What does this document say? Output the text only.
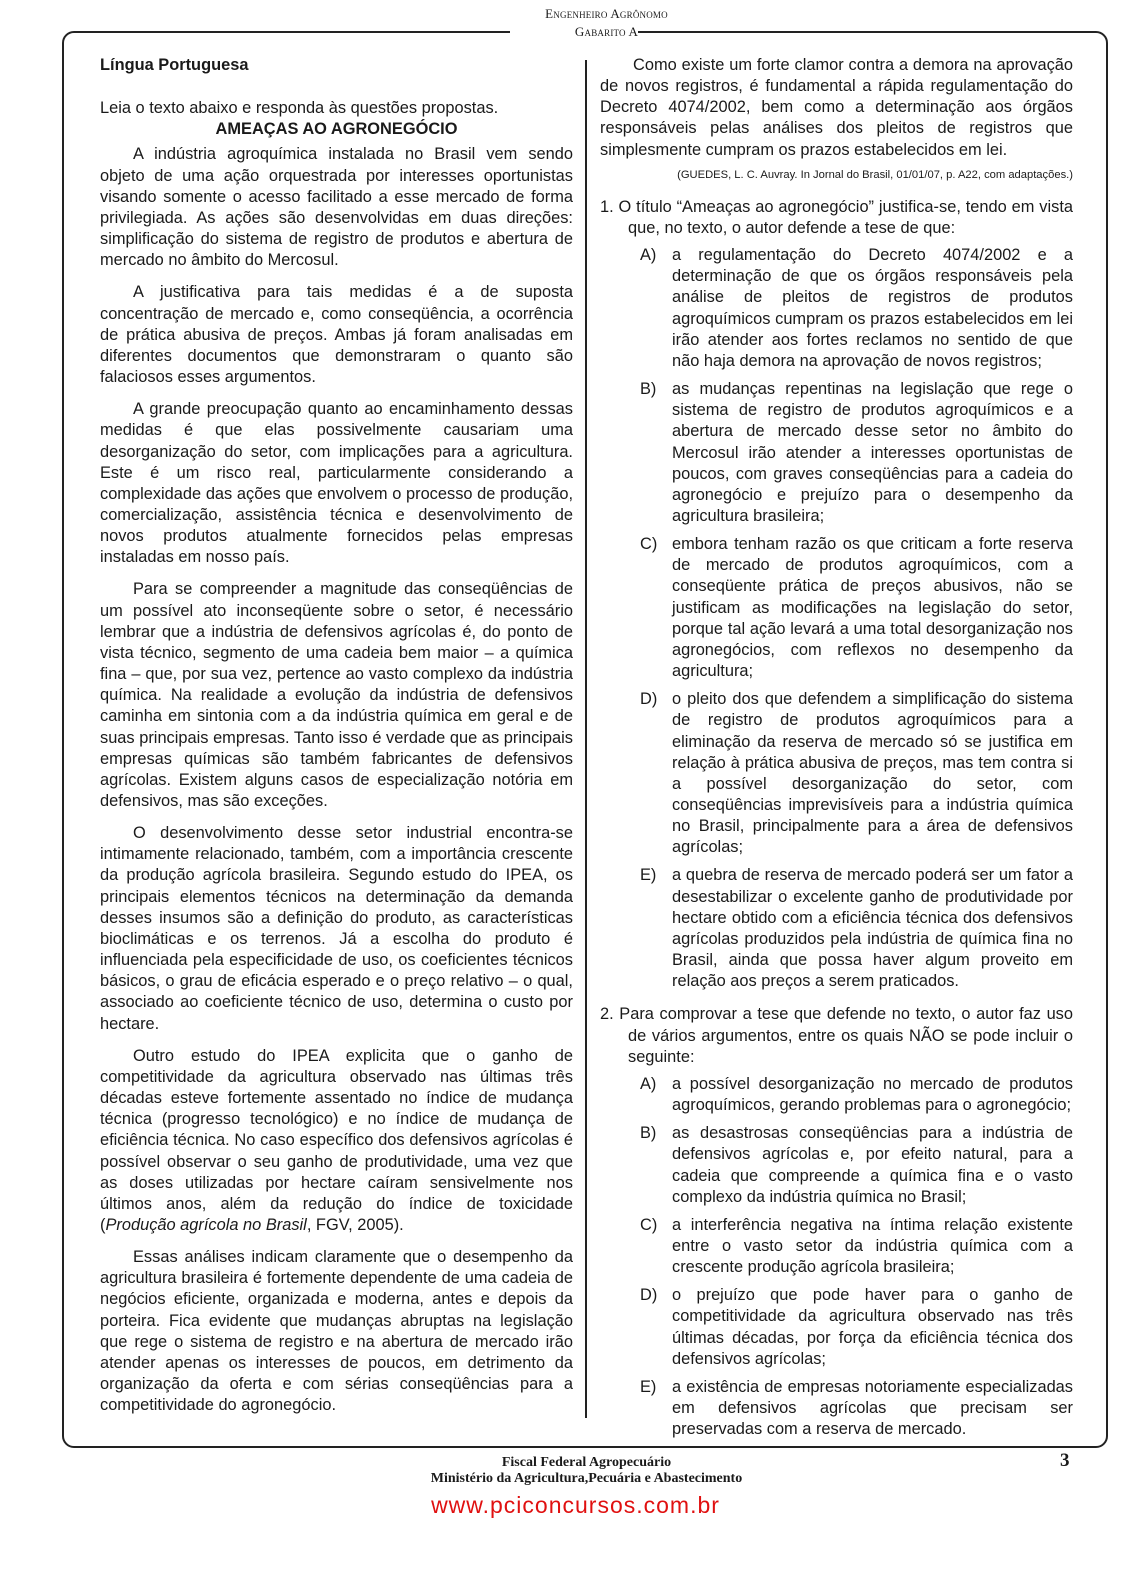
Engenheiro Agrônomo
Gabarito A
Língua Portuguesa

Leia o texto abaixo e responda às questões propostas.

AMEAÇAS AO AGRONEGÓCIO

A indústria agroquímica instalada no Brasil vem sendo objeto de uma ação orquestrada por interesses oportunistas visando somente o acesso facilitado a esse mercado de forma privilegiada. As ações são desenvolvidas em duas direções: simplificação do sistema de registro de produtos e abertura de mercado no âmbito do Mercosul.

A justificativa para tais medidas é a de suposta concentração de mercado e, como conseqüência, a ocorrência de prática abusiva de preços. Ambas já foram analisadas em diferentes documentos que demonstraram o quanto são falaciosos esses argumentos.

A grande preocupação quanto ao encaminhamento dessas medidas é que elas possivelmente causariam uma desorganização do setor, com implicações para a agricultura. Este é um risco real, particularmente considerando a complexidade das ações que envolvem o processo de produção, comercialização, assistência técnica e desenvolvimento de novos produtos atualmente fornecidos pelas empresas instaladas em nosso país.

Para se compreender a magnitude das conseqüências de um possível ato inconseqüente sobre o setor, é necessário lembrar que a indústria de defensivos agrícolas é, do ponto de vista técnico, segmento de uma cadeia bem maior – a química fina – que, por sua vez, pertence ao vasto complexo da indústria química. Na realidade a evolução da indústria de defensivos caminha em sintonia com a da indústria química em geral e de suas principais empresas. Tanto isso é verdade que as principais empresas químicas são também fabricantes de defensivos agrícolas. Existem alguns casos de especialização notória em defensivos, mas são exceções.

O desenvolvimento desse setor industrial encontra-se intimamente relacionado, também, com a importância crescente da produção agrícola brasileira. Segundo estudo do IPEA, os principais elementos técnicos na determinação da demanda desses insumos são a definição do produto, as características bioclimáticas e os terrenos. Já a escolha do produto é influenciada pela especificidade de uso, os coeficientes técnicos básicos, o grau de eficácia esperado e o preço relativo – o qual, associado ao coeficiente técnico de uso, determina o custo por hectare.

Outro estudo do IPEA explicita que o ganho de competitividade da agricultura observado nas últimas três décadas esteve fortemente assentado no índice de mudança técnica (progresso tecnológico) e no índice de mudança de eficiência técnica. No caso específico dos defensivos agrícolas é possível observar o seu ganho de produtividade, uma vez que as doses utilizadas por hectare caíram sensivelmente nos últimos anos, além da redução do índice de toxicidade (Produção agrícola no Brasil, FGV, 2005).

Essas análises indicam claramente que o desempenho da agricultura brasileira é fortemente dependente de uma cadeia de negócios eficiente, organizada e moderna, antes e depois da porteira. Fica evidente que mudanças abruptas na legislação que rege o sistema de registro e na abertura de mercado irão atender apenas os interesses de poucos, em detrimento da organização da oferta e com sérias conseqüências para a competitividade do agronegócio.

Como existe um forte clamor contra a demora na aprovação de novos registros, é fundamental a rápida regulamentação do Decreto 4074/2002, bem como a determinação aos órgãos responsáveis pelas análises dos pleitos de registros que simplesmente cumpram os prazos estabelecidos em lei.

(GUEDES, L. C. Auvray. In Jornal do Brasil, 01/01/07, p. A22, com adaptações.)
1. O título “Ameaças ao agronegócio” justifica-se, tendo em vista que, no texto, o autor defende a tese de que:
A) a regulamentação do Decreto 4074/2002 e a determinação de que os órgãos responsáveis pela análise de pleitos de registros de produtos agroquímicos cumpram os prazos estabelecidos em lei irão atender aos fortes reclamos no sentido de que não haja demora na aprovação de novos registros;
B) as mudanças repentinas na legislação que rege o sistema de registro de produtos agroquímicos e a abertura de mercado desse setor no âmbito do Mercosul irão atender a interesses oportunistas de poucos, com graves conseqüências para a cadeia do agronegócio e prejuízo para o desempenho da agricultura brasileira;
C) embora tenham razão os que criticam a forte reserva de mercado de produtos agroquímicos, com a conseqüente prática de preços abusivos, não se justificam as modificações na legislação do setor, porque tal ação levará a uma total desorganização nos agronegócios, com reflexos no desempenho da agricultura;
D) o pleito dos que defendem a simplificação do sistema de registro de produtos agroquímicos para a eliminação da reserva de mercado só se justifica em relação à prática abusiva de preços, mas tem contra si a possível desorganização do setor, com conseqüências imprevisíveis para a indústria química no Brasil, principalmente para a área de defensivos agrícolas;
E) a quebra de reserva de mercado poderá ser um fator a desestabilizar o excelente ganho de produtividade por hectare obtido com a eficiência técnica dos defensivos agrícolas produzidos pela indústria de química fina no Brasil, ainda que possa haver algum proveito em relação aos preços a serem praticados.
2. Para comprovar a tese que defende no texto, o autor faz uso de vários argumentos, entre os quais NÃO se pode incluir o seguinte:
A) a possível desorganização no mercado de produtos agroquímicos, gerando problemas para o agronegócio;
B) as desastrosas conseqüências para a indústria de defensivos agrícolas e, por efeito natural, para a cadeia que compreende a química fina e o vasto complexo da indústria química no Brasil;
C) a interferência negativa na íntima relação existente entre o vasto setor da indústria química com a crescente produção agrícola brasileira;
D) o prejuízo que pode haver para o ganho de competitividade da agricultura observado nas três últimas décadas, por força da eficiência técnica dos defensivos agrícolas;
E) a existência de empresas notoriamente especializadas em defensivos agrícolas que precisam ser preservadas com a reserva de mercado.
Fiscal Federal Agropecuário
Ministério da Agricultura,Pecuária e Abastecimento
www.pciconcursos.com.br
3
